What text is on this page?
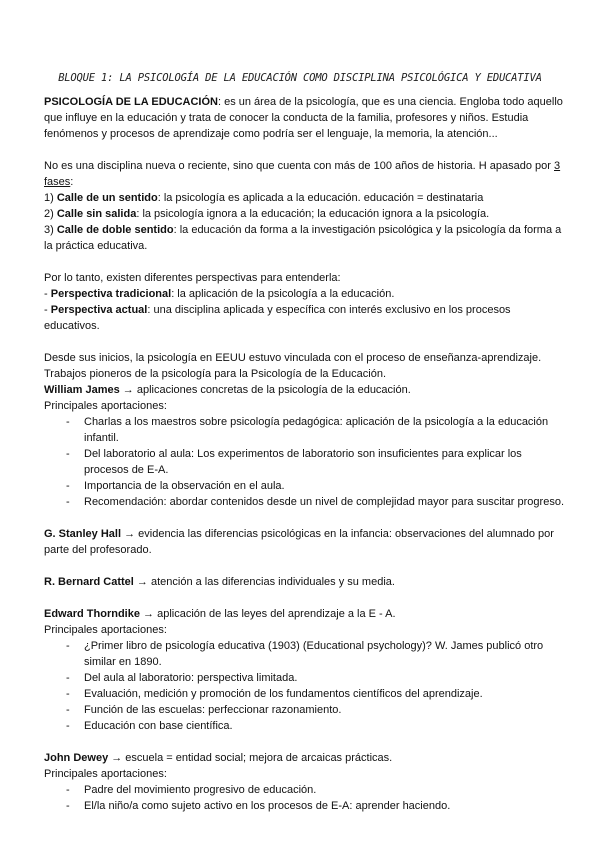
BLOQUE 1: LA PSICOLOGÍA DE LA EDUCACIÓN COMO DISCIPLINA PSICOLÓGICA Y EDUCATIVA

PSICOLOGÍA DE LA EDUCACIÓN: es un área de la psicología, que es una ciencia. Engloba todo aquello que influye en la educación y trata de conocer la conducta de la familia, profesores y niños. Estudia fenómenos y procesos de aprendizaje como podría ser el lenguaje, la memoria, la atención...

No es una disciplina nueva o reciente, sino que cuenta con más de 100 años de historia. H apasado por 3 fases:

1) Calle de un sentido: la psicología es aplicada a la educación. educación = destinataria

2) Calle sin salida: la psicología ignora a la educación; la educación ignora a la psicología.

3) Calle de doble sentido: la educación da forma a la investigación psicológica y la psicología da forma a la práctica educativa.

Por lo tanto, existen diferentes perspectivas para entenderla:

- Perspectiva tradicional: la aplicación de la psicología a la educación.

- Perspectiva actual: una disciplina aplicada y específica con interés exclusivo en los procesos educativos.

Desde sus inicios, la psicología en EEUU estuvo vinculada con el proceso de enseñanza-aprendizaje.

Trabajos pioneros de la psicología para la Psicología de la Educación.

William James → aplicaciones concretas de la psicología de la educación.

Principales aportaciones:

- Charlas a los maestros sobre psicología pedagógica: aplicación de la psicología a la educación infantil.
- Del laboratorio al aula: Los experimentos de laboratorio son insuficientes para explicar los procesos de E-A.
- Importancia de la observación en el aula.
- Recomendación: abordar contenidos desde un nivel de complejidad mayor para suscitar progreso.

G. Stanley Hall → evidencia las diferencias psicológicas en la infancia: observaciones del alumnado por parte del profesorado.

R. Bernard Cattel → atención a las diferencias individuales y su media.

Edward Thorndike → aplicación de las leyes del aprendizaje a la E - A.

Principales aportaciones:

- ¿Primer libro de psicología educativa (1903) (Educational psychology)? W. James publicó otro similar en 1890.
- Del aula al laboratorio: perspectiva limitada.
- Evaluación, medición y promoción de los fundamentos científicos del aprendizaje.
- Función de las escuelas: perfeccionar razonamiento.
- Educación con base científica.

John Dewey → escuela = entidad social; mejora de arcaicas prácticas.

Principales aportaciones:

- Padre del movimiento progresivo de educación.
- El/la niño/a como sujeto activo en los procesos de E-A: aprender haciendo.
